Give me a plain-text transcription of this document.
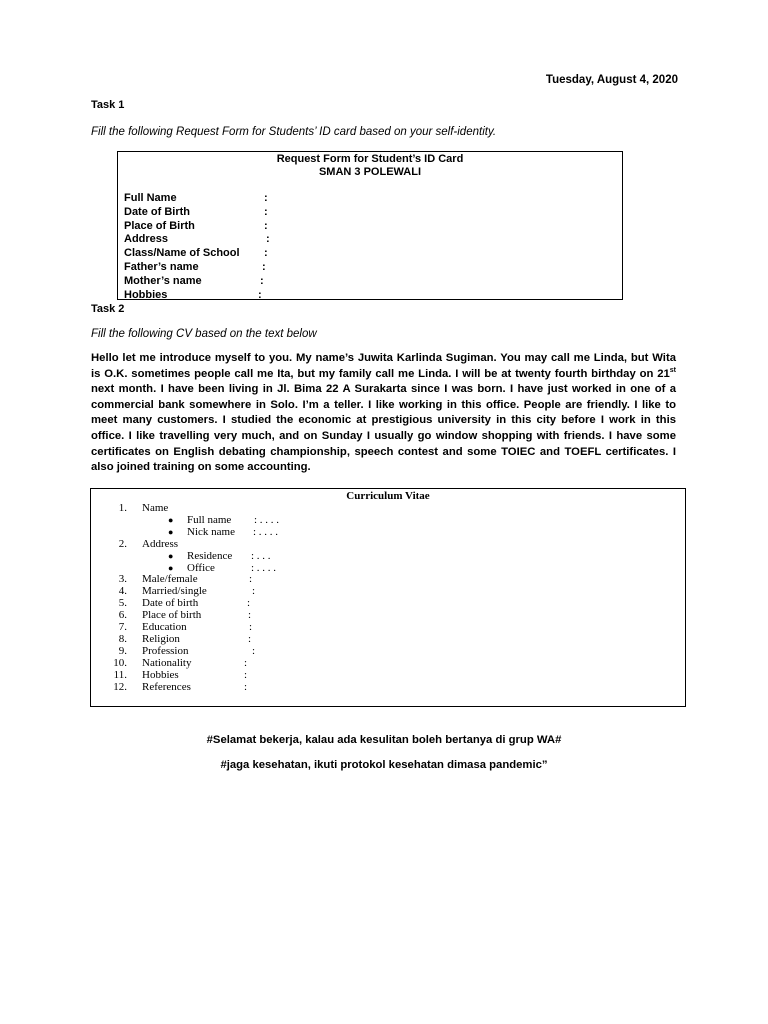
Tuesday, August 4, 2020
Task 1
Fill the following Request Form for Students’ ID card based on your self-identity.
Request Form for Student’s ID Card
SMAN 3 POLEWALI
Full Name	:
Date of Birth	:
Place of Birth	:
Address	:
Class/Name of School :
Father’s name	:
Mother’s name	:
Hobbies	:
Task 2
Fill the following CV based on the text below
Hello let me introduce myself to you. My name’s Juwita Karlinda Sugiman. You may call me Linda, but Wita is O.K. sometimes people call me Ita, but my family call me Linda. I will be at twenty fourth birthday on 21st next month. I have been living in Jl. Bima 22 A Surakarta since I was born. I have just worked in one of a commercial bank somewhere in Solo. I’m a teller. I like working in this office. People are friendly. I like to meet many customers. I studied the economic at prestigious university in this city before I work in this office. I like travelling very much, and on Sunday I usually go window shopping with friends. I have some certificates on English debating championship, speech contest and some TOIEC and TOEFL certificates. I also joined training on some accounting.
Curriculum Vitae
1. Name
● Full name : . . . .
● Nick name : . . . .
2. Address
● Residence : . . .
● Office	: . . . .
3. Male/female	:
4. Married/single	:
5. Date of birth	:
6. Place of birth	:
7. Education	:
8. Religion	:
9. Profession	:
10. Nationality	:
11. Hobbies	:
12. References	:
#Selamat bekerja, kalau ada kesulitan boleh bertanya di grup WA#
#jaga kesehatan, ikuti protokol kesehatan dimasa pandemic”
